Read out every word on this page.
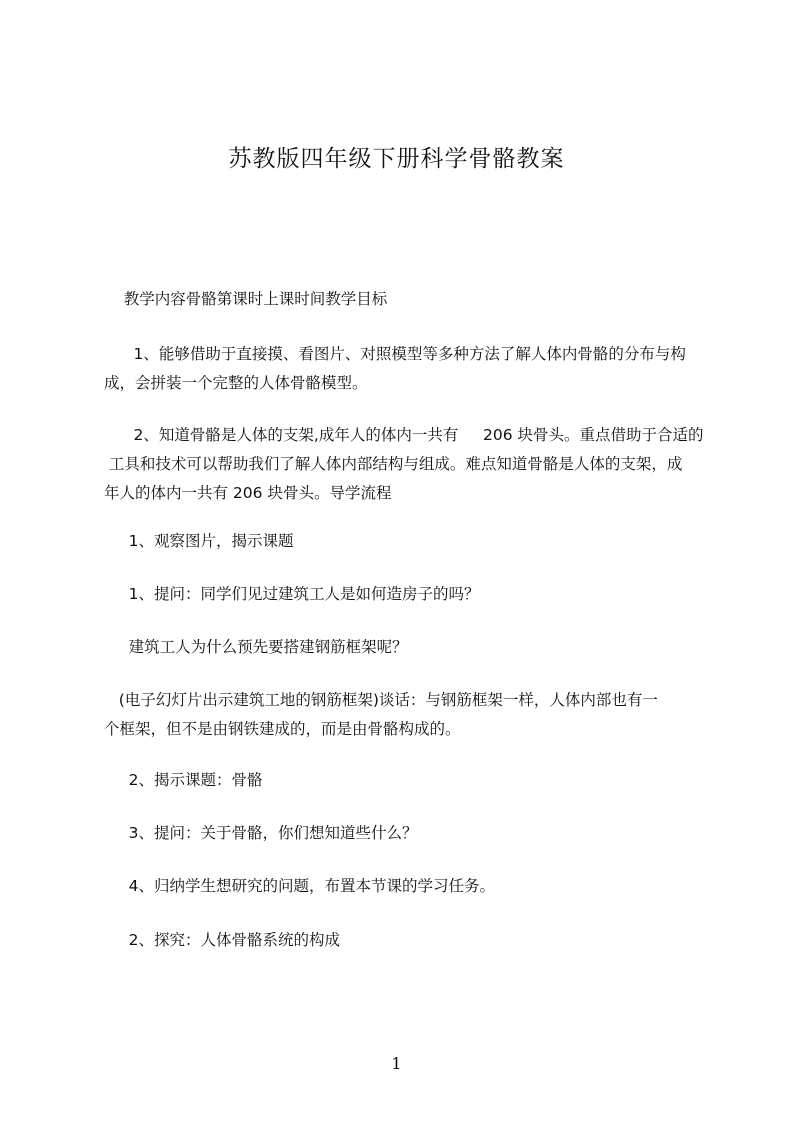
苏教版四年级下册科学骨骼教案

教学内容骨骼第课时上课时间教学目标

1、能够借助于直接摸、看图片、对照模型等多种方法了解人体内骨骼的分布与构
成，会拼装一个完整的人体骨骼模型。

2、知道骨骼是人体的支架,成年人的体内一共有     206 块骨头。重点借助于合适的
工具和技术可以帮助我们了解人体内部结构与组成。难点知道骨骼是人体的支架，成
年人的体内一共有 206 块骨头。导学流程

1、观察图片，揭示课题

1、提问：同学们见过建筑工人是如何造房子的吗？

建筑工人为什么预先要搭建钢筋框架呢？

(电子幻灯片出示建筑工地的钢筋框架)谈话：与钢筋框架一样，人体内部也有一
个框架，但不是由钢铁建成的，而是由骨骼构成的。

2、揭示课题：骨骼

3、提问：关于骨骼，你们想知道些什么？

4、归纳学生想研究的问题，布置本节课的学习任务。

2、探究：人体骨骼系统的构成

1
